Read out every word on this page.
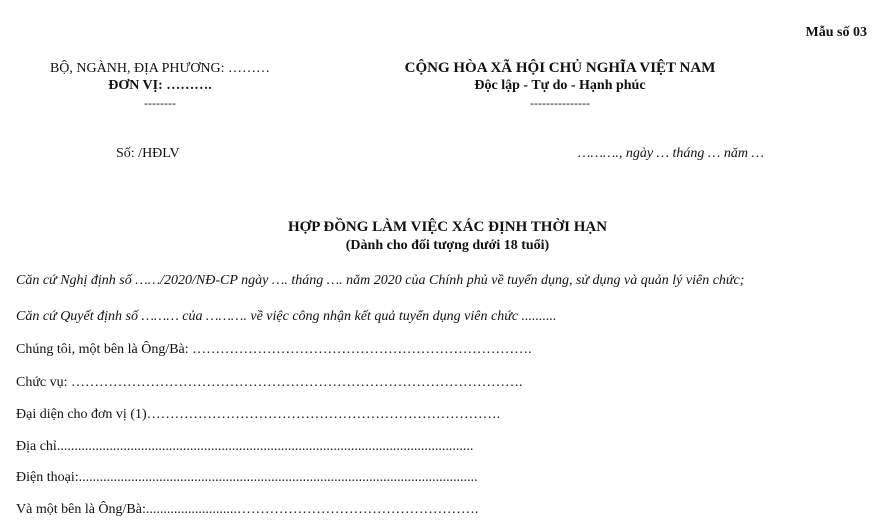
Mẫu số 03
BỘ, NGÀNH, ĐỊA PHƯƠNG: ………
ĐƠN VỊ: ……….
--------
CỘNG HÒA XÃ HỘI CHỦ NGHĨA VIỆT NAM
Độc lập - Tự do - Hạnh phúc
---------------
Số: /HĐLV	………., ngày … tháng … năm …
HỢP ĐỒNG LÀM VIỆC XÁC ĐỊNH THỜI HẠN
(Dành cho đối tượng dưới 18 tuổi)
Căn cứ Nghị định số ……/2020/NĐ-CP ngày …. tháng …. năm 2020 của Chính phủ về tuyển dụng, sử dụng và quản lý viên chức;
Căn cứ Quyết định số ……… của ………. về việc công nhận kết quả tuyển dụng viên chức ..........
Chúng tôi, một bên là Ông/Bà: ……………………………………………………………….
Chức vụ: …………………………………………………………………………………….
Đại diện cho đơn vị (1)………………………………………………………………….
Địa chỉ.......................................................................................................................
Điện thoại:..................................................................................................................
Và một bên là Ông/Bà:..........................…………………………………………….
